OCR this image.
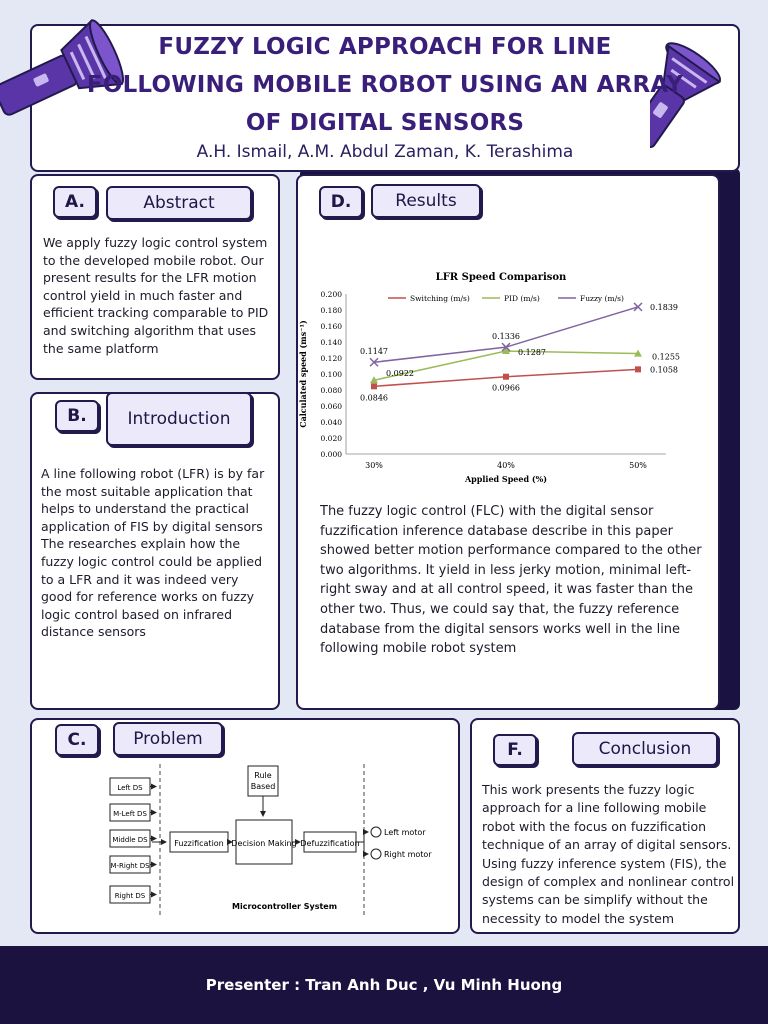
FUZZY LOGIC APPROACH FOR LINE FOLLOWING MOBILE ROBOT USING AN ARRAY OF DIGITAL SENSORS
A.H. Ismail, A.M. Abdul Zaman, K. Terashima
A.	Abstract
We apply fuzzy logic control system to the developed mobile robot. Our present results for the LFR motion control yield in much faster and efficient tracking comparable to PID and switching algorithm that uses the same platform
B.	Introduction
A line following robot (LFR) is by far the most suitable application that helps to understand the practical application of FIS by digital sensors
The researches explain how the fuzzy logic control could be applied to a LFR and it was indeed very good for reference works on fuzzy logic control based on infrared distance sensors
D.	Results
LFR Speed Comparison
0.000
0.020
0.040
0.060
0.080
0.100
0.120
0.140
0.160
0.180
0.200
30%	40%	50%
Applied Speed (%)
Calculated speed (ms⁻¹)
Switching (m/s)
0.0846
0.0966
0.1058
PID (m/s)
0.0922
0.1287
0.1255
Fuzzy (m/s)
0.1147
0.1336
0.1839
The fuzzy logic control (FLC) with the digital sensor fuzzification inference database describe in this paper showed better motion performance compared to the other two algorithms. It yield in less jerky motion, minimal left-right sway and at all control speed, it was faster than the other two. Thus, we could say that, the fuzzy reference database from the digital sensors works well in the line following mobile robot system
C.	Problem
Left DS
M-Left DS
Middle DS
M-Right DS
Right DS
Fuzzification Decision Making
Rule Based
Defuzzification
Left motor
Right motor
Microcontroller System
F.	Conclusion
This work presents the fuzzy logic approach for a line following mobile robot with the focus on fuzzification technique of an array of digital sensors. Using fuzzy inference system (FIS), the design of complex and nonlinear control systems can be simplify without the necessity to model the system
Presenter : Tran Anh Duc , Vu Minh Huong
